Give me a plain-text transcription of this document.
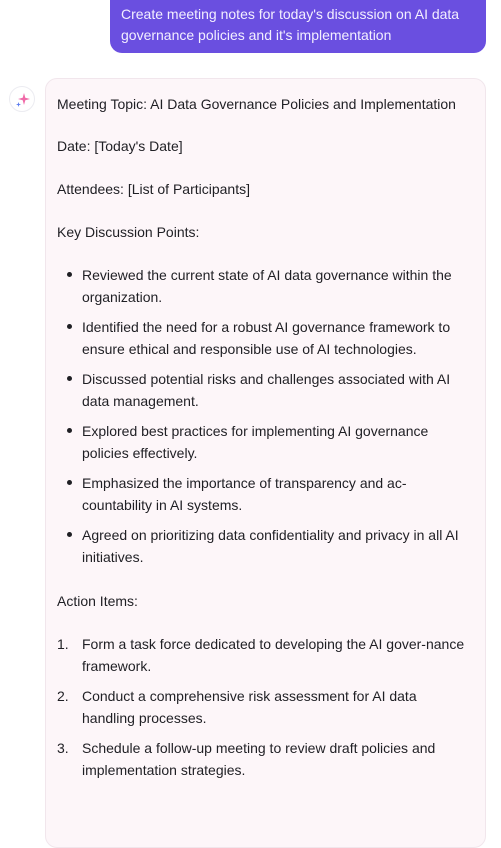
Create meeting notes for today's discussion on AI data governance policies and it's implementation

Meeting Topic: AI Data Governance Policies and Implementation

Date: [Today's Date]

Attendees: [List of Participants]

Key Discussion Points:

Reviewed the current state of AI data governance within the organization.
Identified the need for a robust AI governance framework to ensure ethical and responsible use of AI technologies.
Discussed potential risks and challenges associated with AI data management.
Explored best practices for implementing AI governance policies effectively.
Emphasized the importance of transparency and ac-countability in AI systems.
Agreed on prioritizing data confidentiality and privacy in all AI initiatives.

Action Items:

1. Form a task force dedicated to developing the AI gover-nance framework.
2. Conduct a comprehensive risk assessment for AI data handling processes.
3. Schedule a follow-up meeting to review draft policies and implementation strategies.
